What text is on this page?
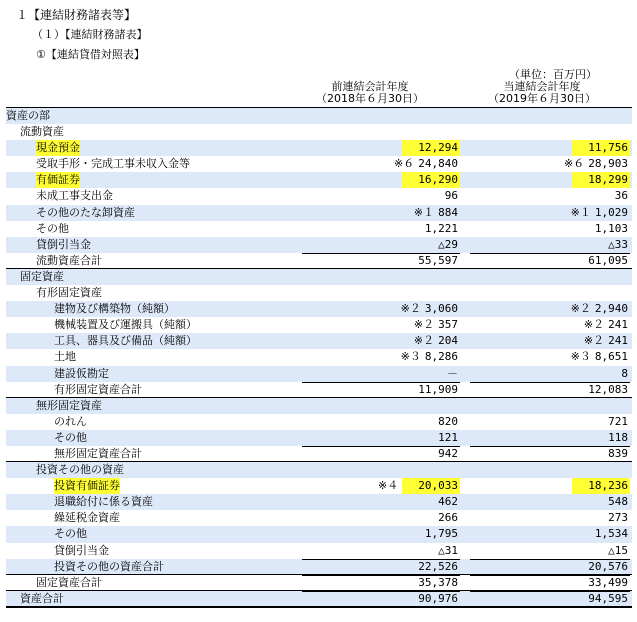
１【連結財務諸表等】
（１）【連結財務諸表】
①【連結貸借対照表】
（単位：百万円）
前連結会計年度
（2018年６月30日）
当連結会計年度
（2019年６月30日）
資産の部
流動資産
現金預金	12,294	11,756
受取手形・完成工事未収入金等	※６ 24,840	※６ 28,903
有価証券	16,290	18,299
未成工事支出金	96	36
その他のたな卸資産	※１ 884	※１ 1,029
その他	1,221	1,103
貸倒引当金	△29	△33
流動資産合計	55,597	61,095
固定資産
有形固定資産
建物及び構築物（純額）	※２ 3,060	※２ 2,940
機械装置及び運搬具（純額）	※２ 357	※２ 241
工具、器具及び備品（純額）	※２ 204	※２ 241
土地	※３ 8,286	※３ 8,651
建設仮勘定	－	8
有形固定資産合計	11,909	12,083
無形固定資産
のれん	820	721
その他	121	118
無形固定資産合計	942	839
投資その他の資産
投資有価証券	※４ 20,033	18,236
退職給付に係る資産	462	548
繰延税金資産	266	273
その他	1,795	1,534
貸倒引当金	△31	△15
投資その他の資産合計	22,526	20,576
固定資産合計	35,378	33,499
資産合計	90,976	94,595
